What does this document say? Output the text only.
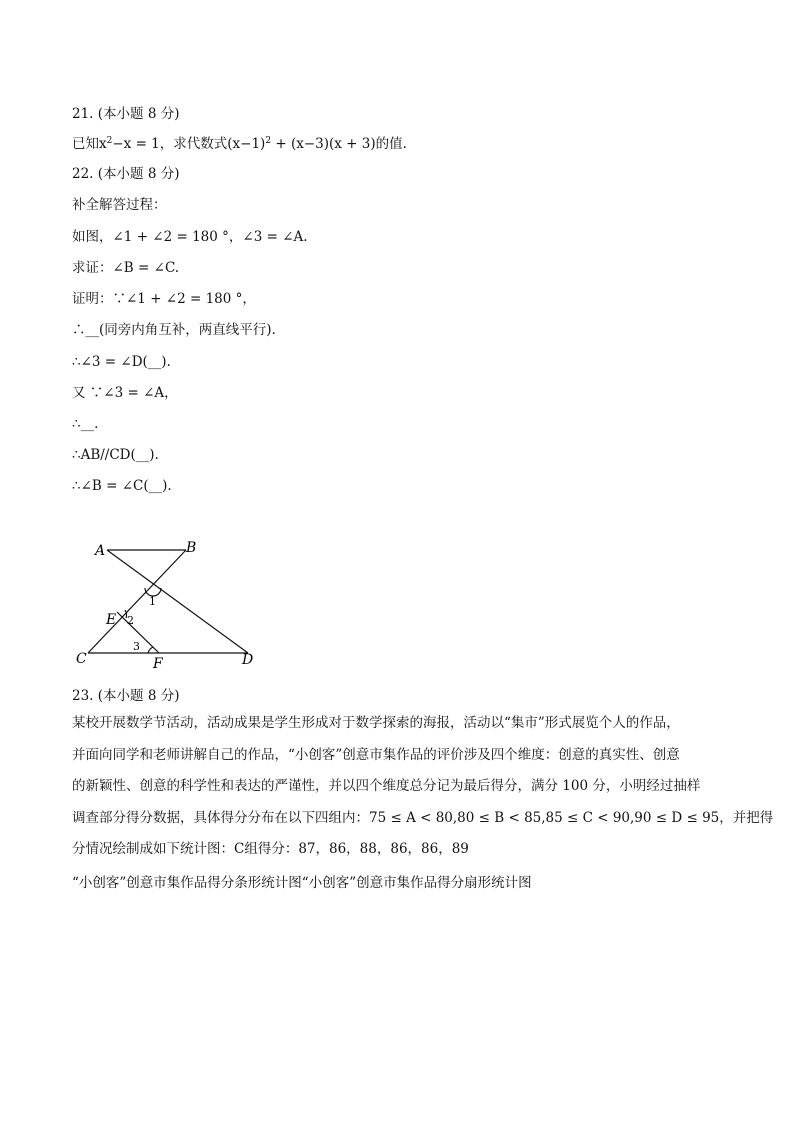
21. (本小题 8 分)
已知$x^2-x = 1$，求代数式$(x-1)^2 + (x-3)(x + 3)$的值.
22. (本小题 8 分)
补全解答过程：
如图，∠1 + ∠2 = 180 °，∠3 = ∠A.
求证：∠B = ∠C.
证明：∵∠1 + ∠2 = 180 °，
∴__(同旁内角互补，两直线平行).
∴∠3 = ∠D(__).
又 ∵∠3 = ∠A，
∴__.
∴AB//CD(__).
∴∠B = ∠C(__).
A	B
C	D
E
F
1
2
3
23. (本小题 8 分)
某校开展数学节活动，活动成果是学生形成对于数学探索的海报，活动以“集市”形式展览个人的作品，
并面向同学和老师讲解自己的作品，“小创客”创意市集作品的评价涉及四个维度：创意的真实性、创意
的新颖性、创意的科学性和表达的严谨性，并以四个维度总分记为最后得分，满分 100 分，小明经过抽样
调查部分得分数据，具体得分分布在以下四组内：75 ≤ A < 80,80 ≤ B < 85,85 ≤ C < 90,90 ≤ D ≤ 95，并把得
分情况绘制成如下统计图：C组得分：87，86，88，86，86，89
“小创客”创意市集作品得分条形统计图“小创客”创意市集作品得分扇形统计图
